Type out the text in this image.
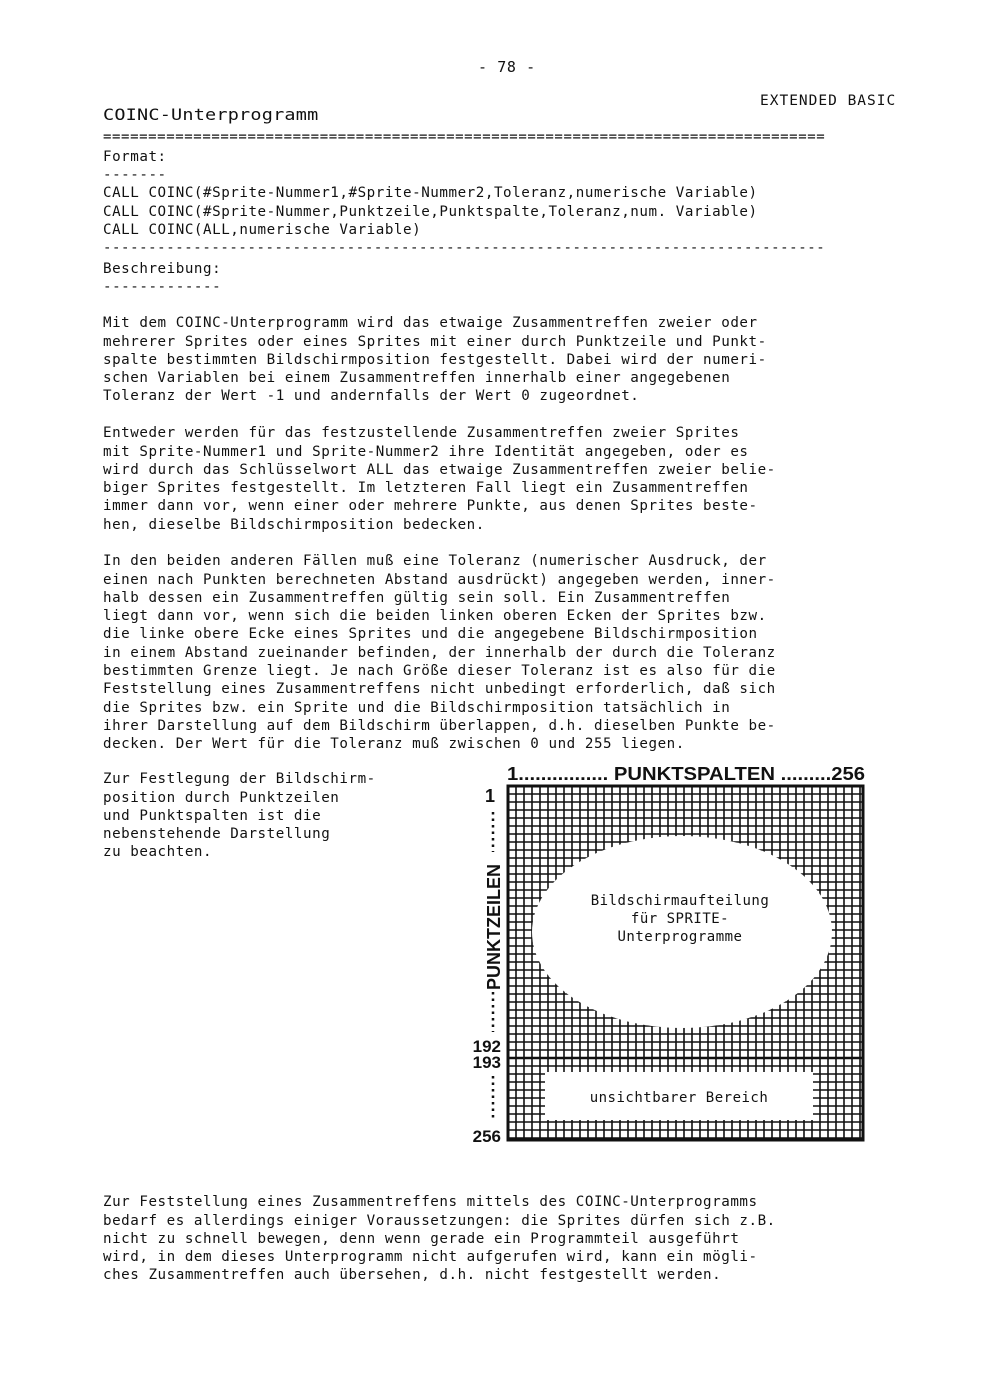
- 78 -
EXTENDED BASIC
COINC-Unterprogramm
================================================================================
Format:
-------
CALL COINC(#Sprite-Nummer1,#Sprite-Nummer2,Toleranz,numerische Variable)
CALL COINC(#Sprite-Nummer,Punktzeile,Punktspalte,Toleranz,num. Variable)
CALL COINC(ALL,numerische Variable)
--------------------------------------------------------------------------------
Beschreibung:
-------------

Mit dem COINC-Unterprogramm wird das etwaige Zusammentreffen zweier oder
mehrerer Sprites oder eines Sprites mit einer durch Punktzeile und Punkt-
spalte bestimmten Bildschirmposition festgestellt. Dabei wird der numeri-
schen Variablen bei einem Zusammentreffen innerhalb einer angegebenen
Toleranz der Wert -1 und andernfalls der Wert 0 zugeordnet.

Entweder werden für das festzustellende Zusammentreffen zweier Sprites
mit Sprite-Nummer1 und Sprite-Nummer2 ihre Identität angegeben, oder es
wird durch das Schlüsselwort ALL das etwaige Zusammentreffen zweier belie-
biger Sprites festgestellt. Im letzteren Fall liegt ein Zusammentreffen
immer dann vor, wenn einer oder mehrere Punkte, aus denen Sprites beste-
hen, dieselbe Bildschirmposition bedecken.

In den beiden anderen Fällen muß eine Toleranz (numerischer Ausdruck, der
einen nach Punkten berechneten Abstand ausdrückt) angegeben werden, inner-
halb dessen ein Zusammentreffen gültig sein soll. Ein Zusammentreffen
liegt dann vor, wenn sich die beiden linken oberen Ecken der Sprites bzw.
die linke obere Ecke eines Sprites und die angegebene Bildschirmposition
in einem Abstand zueinander befinden, der innerhalb der durch die Toleranz
bestimmten Grenze liegt. Je nach Größe dieser Toleranz ist es also für die
Feststellung eines Zusammentreffens nicht unbedingt erforderlich, daß sich
die Sprites bzw. ein Sprite und die Bildschirmposition tatsächlich in
ihrer Darstellung auf dem Bildschirm überlappen, d.h. dieselben Punkte be-
decken. Der Wert für die Toleranz muß zwischen 0 und 255 liegen.

Zur Festlegung der Bildschirm-
position durch Punktzeilen
und Punktspalten ist die
nebenstehende Darstellung
zu beachten.
1................ PUNKTSPALTEN .........256
1
PUNKTZEILEN
192
193
256
Bildschirmaufteilung
für SPRITE-
Unterprogramme
unsichtbarer Bereich

Zur Feststellung eines Zusammentreffens mittels des COINC-Unterprogramms
bedarf es allerdings einiger Voraussetzungen: die Sprites dürfen sich z.B.
nicht zu schnell bewegen, denn wenn gerade ein Programmteil ausgeführt
wird, in dem dieses Unterprogramm nicht aufgerufen wird, kann ein mögli-
ches Zusammentreffen auch übersehen, d.h. nicht festgestellt werden.
